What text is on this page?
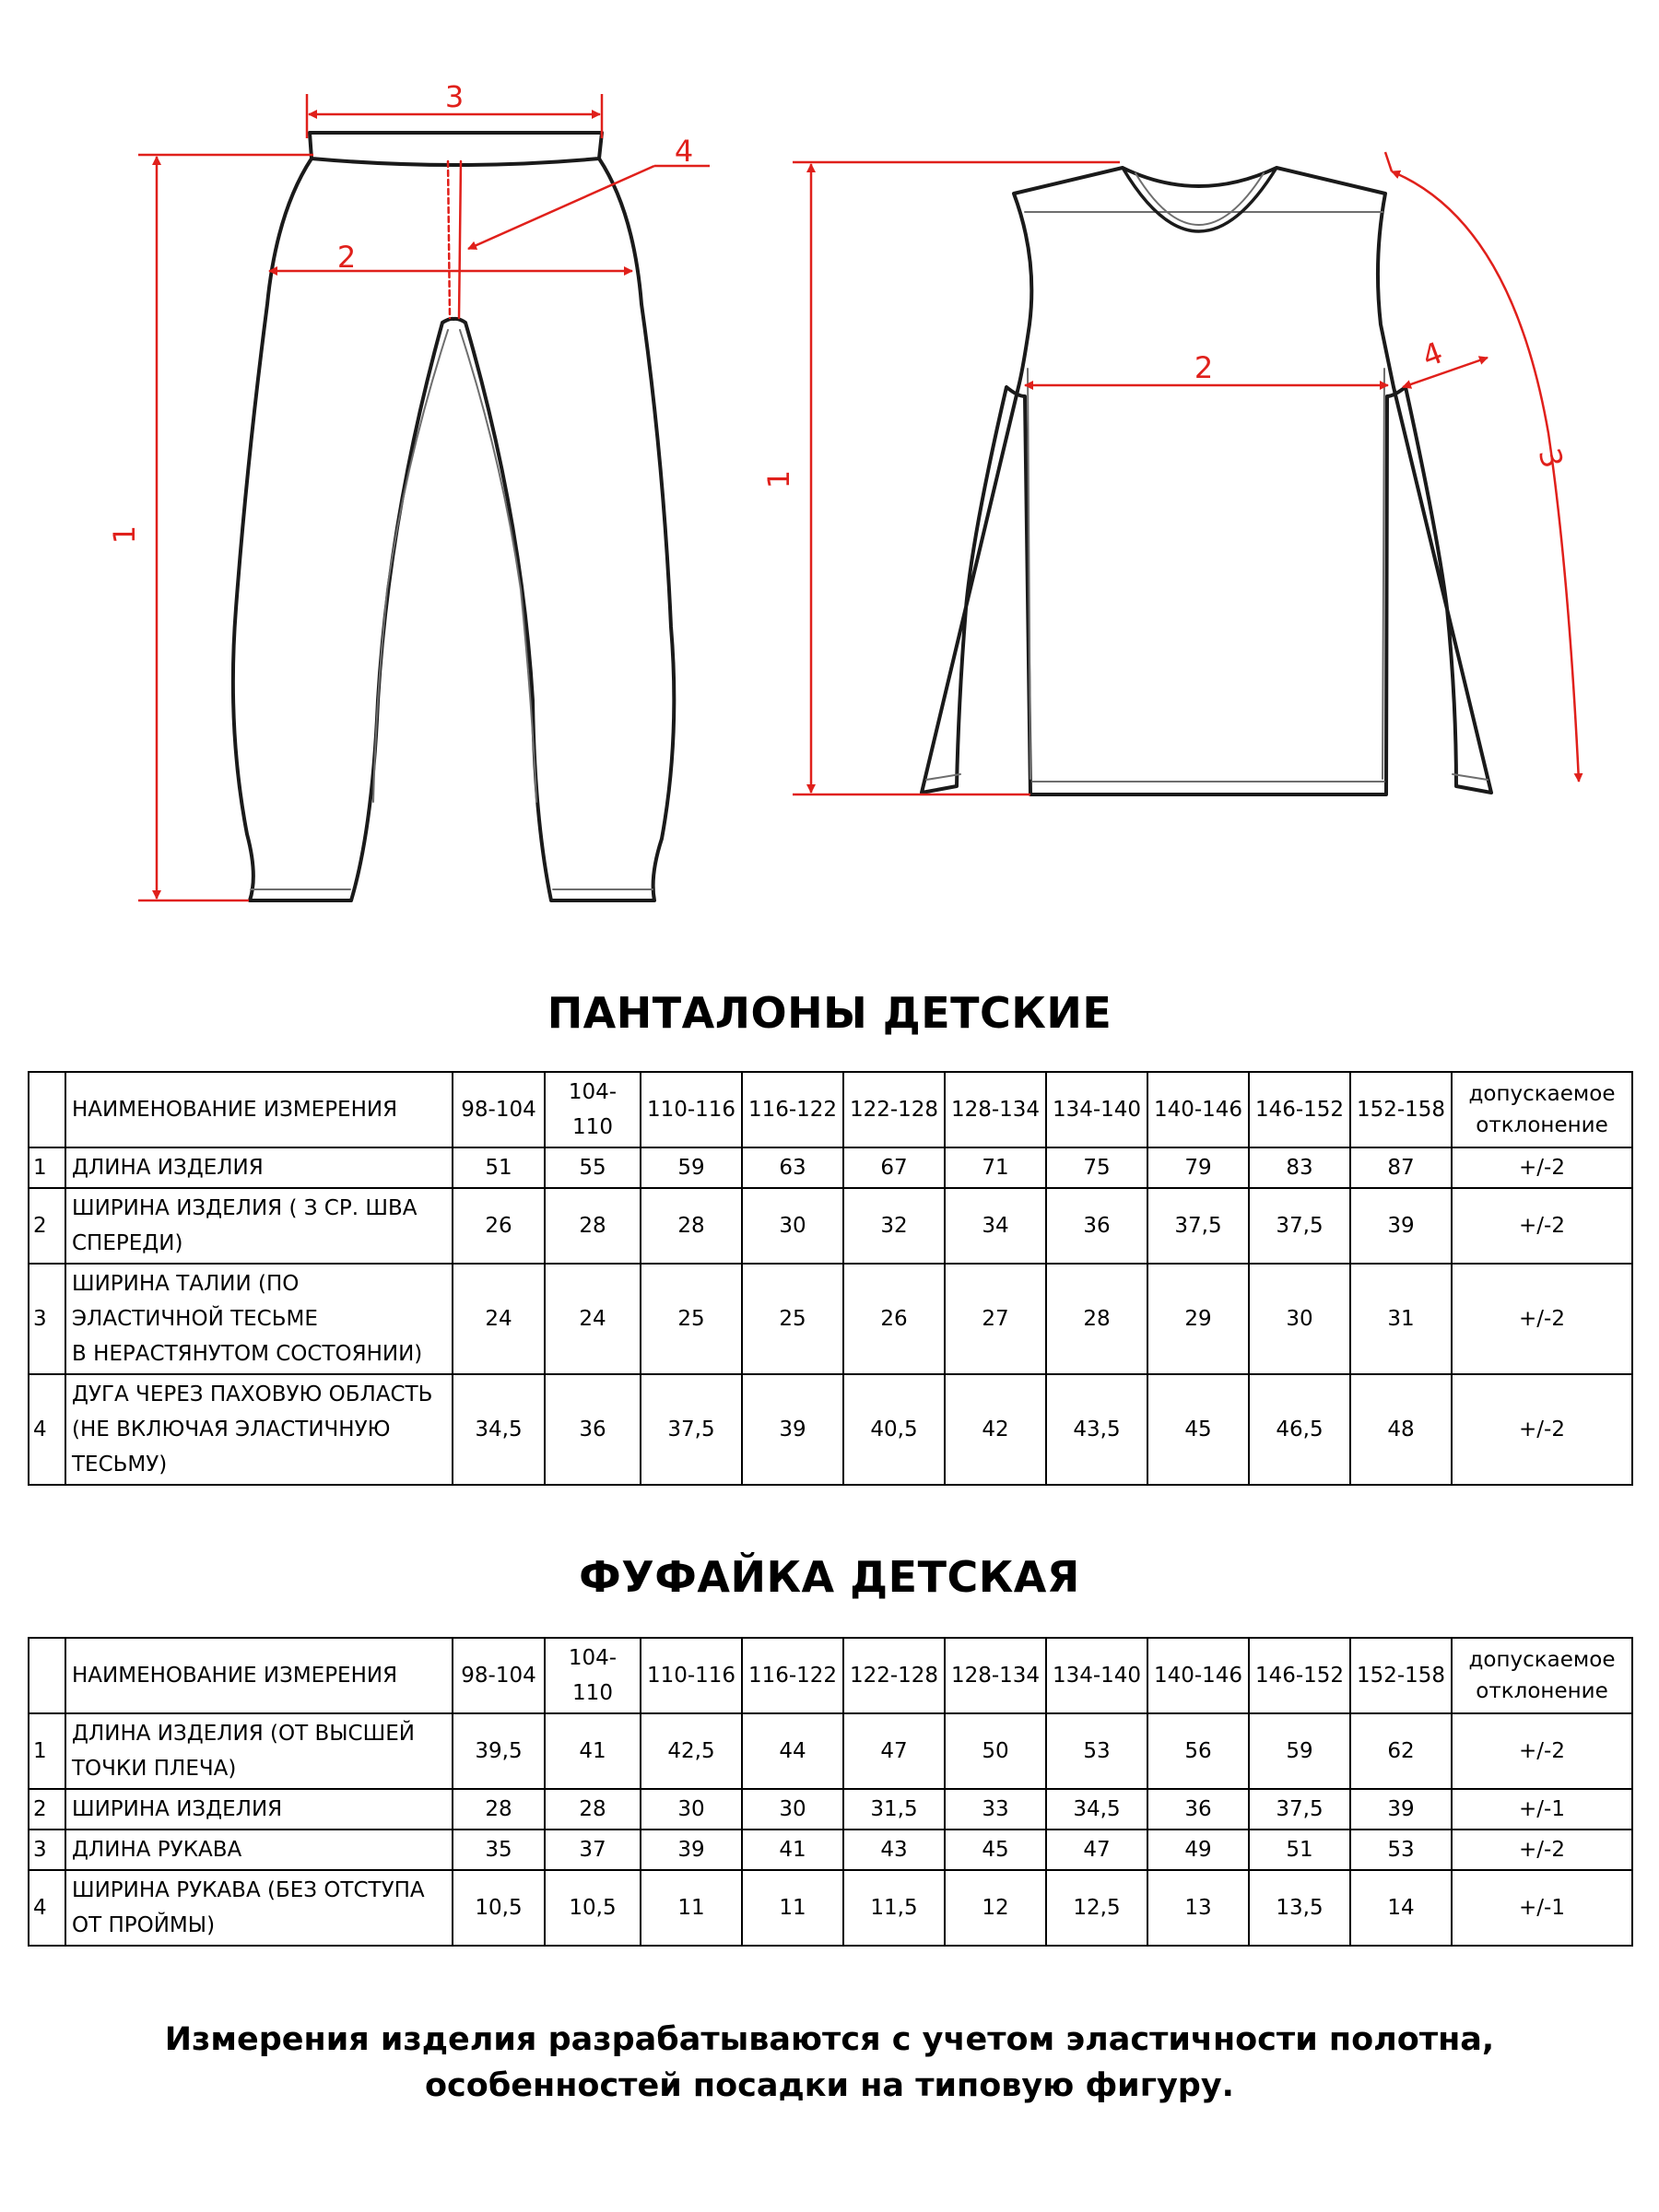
1
3
2
4
1
2	4
3
ПАНТАЛОНЫ ДЕТСКИЕ
	НАИМЕНОВАНИЕ ИЗМЕРЕНИЯ	98-104	104-110	110-116	116-122	122-128	128-134	134-140	140-146	146-152	152-158	допускаемое
отклонение
1	ДЛИНА ИЗДЕЛИЯ	51	55	59	63	67	71	75	79	83	87	+/-2
2	ШИРИНА ИЗДЕЛИЯ ( З СР. ШВА
СПЕРЕДИ)	26	28	28	30	32	34	36	37,5	37,5	39	+/-2
3	ШИРИНА ТАЛИИ (ПО
ЭЛАСТИЧНОЙ ТЕСЬМЕ
В НЕРАСТЯНУТОМ СОСТОЯНИИ)	24	24	25	25	26	27	28	29	30	31	+/-2
4	ДУГА ЧЕРЕЗ ПАХОВУЮ ОБЛАСТЬ
(НЕ ВКЛЮЧАЯ ЭЛАСТИЧНУЮ
ТЕСЬМУ)	34,5	36	37,5	39	40,5	42	43,5	45	46,5	48	+/-2
ФУФАЙКА ДЕТСКАЯ
	НАИМЕНОВАНИЕ ИЗМЕРЕНИЯ	98-104	104-110	110-116	116-122	122-128	128-134	134-140	140-146	146-152	152-158	допускаемое
отклонение
1	ДЛИНА ИЗДЕЛИЯ (ОТ ВЫСШЕЙ
ТОЧКИ ПЛЕЧА)	39,5	41	42,5	44	47	50	53	56	59	62	+/-2
2	ШИРИНА ИЗДЕЛИЯ	28	28	30	30	31,5	33	34,5	36	37,5	39	+/-1
3	ДЛИНА РУКАВА	35	37	39	41	43	45	47	49	51	53	+/-2
4	ШИРИНА РУКАВА (БЕЗ ОТСТУПА
ОТ ПРОЙМЫ)	10,5	10,5	11	11	11,5	12	12,5	13	13,5	14	+/-1
Измерения изделия разрабатываются с учетом эластичности полотна,
особенностей посадки на типовую фигуру.
